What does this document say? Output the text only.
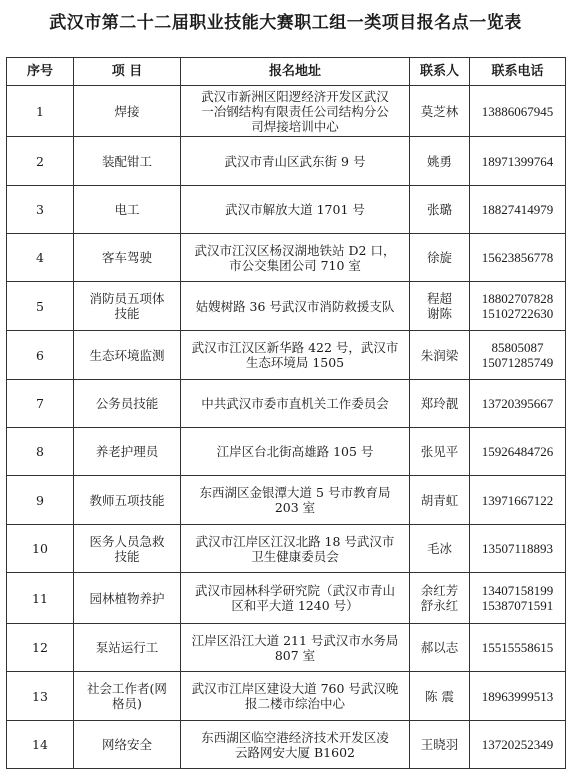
武汉市第二十二届职业技能大赛职工组一类项目报名点一览表
序号	项 目	报名地址	联系人	联系电话
1	焊接	武汉市新洲区阳逻经济开发区武汉
一冶钢结构有限责任公司结构分公
司焊接培训中心	莫芝林	13886067945

2	装配钳工	武汉市青山区武东街 9 号	姚勇	18971399764

3	电工	武汉市解放大道 1701 号	张璐	18827414979

4	客车驾驶	武汉市江汉区杨汊湖地铁站 D2 口，
市公交集团公司 710 室	徐旋	15623856778

5	消防员五项体
技能	姑嫂树路 36 号武汉市消防救援支队	程超
谢陈	18802707828
15102722630

6	生态环境监测	武汉市江汉区新华路 422 号，武汉市
生态环境局 1505	朱润梁	85805087
15071285749

7	公务员技能	中共武汉市委市直机关工作委员会	郑玲靓	13720395667

8	养老护理员	江岸区台北街高雄路 105 号	张见平	15926484726

9	教师五项技能	东西湖区金银潭大道 5 号市教育局
203 室	胡青虹	13971667122

10	医务人员急救
技能	武汉市江岸区江汉北路 18 号武汉市
卫生健康委员会	毛冰	13507118893

11	园林植物养护	武汉市园林科学研究院（武汉市青山
区和平大道 1240 号）	余红芳
舒永红	13407158199
15387071591

12	泵站运行工	江岸区沿江大道 211 号武汉市水务局
807 室	郝以志	15515558615

13	社会工作者(网
格员)	武汉市江岸区建设大道 760 号武汉晚
报二楼市综治中心	陈 震	18963999513

14	网络安全	东西湖区临空港经济技术开发区凌
云路网安大厦 B1602	王晓羽	13720252349
